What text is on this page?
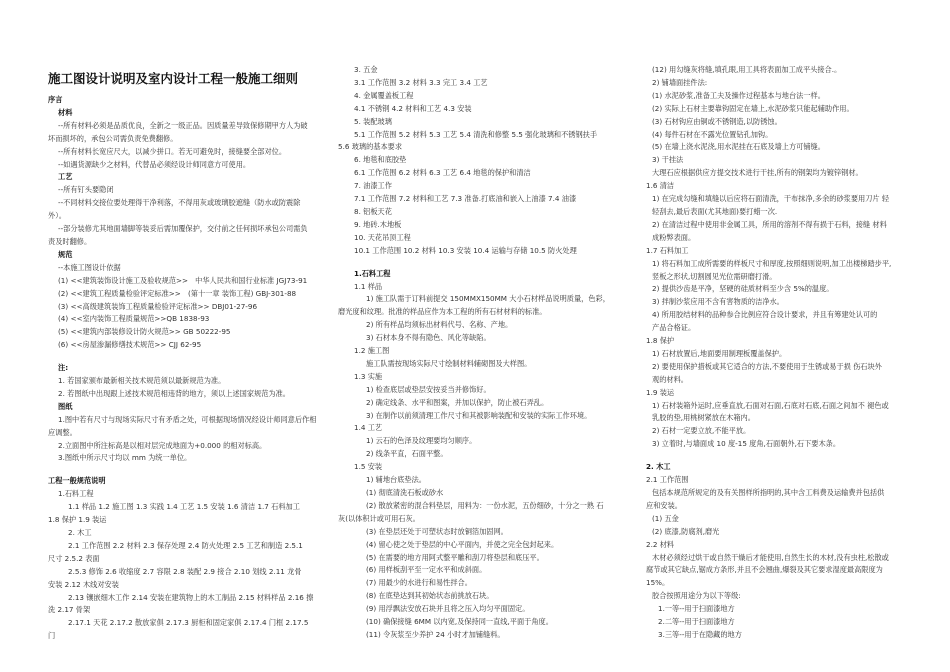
施工图设计说明及室内设计工程一般施工细则
序言
材料
--所有材料必须是品质优良，全新之一级正品。因质量差导致保修期甲方人为破
坏而损坏的，承包公司需负责免费翻修。
--所有材料长宽应尺大，以减少拼口。若无可避免时，接缝要全部对位。
--如遇货源缺少之材料，代替品必须经设计师同意方可使用。
工艺
--所有钉头要隐闭
--不同材料交接位要处理得干净利落，不得用灰或玻璃胶遮缝（防水或防震除
外）。
--部分装修尤其地面墙脚等装妥后需加覆保护，交付前之任何损坏承包公司需负
责及时翻修。
规范
--本施工图设计依据
(1) <<建筑装饰设计施工及验收规范>>　中华人民共和国行业标准 JGJ73-91
(2) <<建筑工程质量检验评定标准>>　(第十一章 装饰工程) GBJ-301-88
(3) <<高级建筑装饰工程质量检验评定标准>> DBJ01-27-96
(4) <<室内装饰工程质量规范>>QB 1838-93
(5) <<建筑内部装修设计防火规范>> GB 50222-95
(6) <<房屋渗漏修缮技术规范>> CJJ 62-95
注:
1. 若国家颁布最新相关技术规范须以最新规范为准。
2. 若图纸中出现跟上述技术规范相违背的地方，须以上述国家规范为准。
图纸
1.图中若有尺寸与现场实际尺寸有矛盾之处，可根据现场情况经设计师同意后作相
应调整。
2.立面图中所注标高是以相对层完成地面为+0.000 的相对标高。
3.图纸中所示尺寸均以 mm 为统一单位。
工程一般规范说明
1.石料工程
1.1 样品 1.2 施工图 1.3 实践 1.4 工艺 1.5 安装 1.6 清洁 1.7 石料加工
1.8 保护 1.9 装运
2. 木工
2.1 工作范围 2.2 材料 2.3 保存处理 2.4 防火处理 2.5 工艺和制造 2.5.1
尺寸 2.5.2 表面
2.5.3 修饰 2.6 收缩度 2.7 容限 2.8 装配 2.9 接合 2.10 划线 2.11 龙骨
安装 2.12 木线对安装
2.13 镶嵌细木工作 2.14 安装在建筑物上的木工制品 2.15 材料样品 2.16 擦
洗 2.17 骨架
2.17.1 天花 2.17.2 散放家俱 2.17.3 厨柜和固定家俱 2.17.4 门框 2.17.5
门
3. 五金
3.1 工作范围 3.2 材料 3.3 完工 3.4 工艺
4. 金属覆盖板工程
4.1 不锈钢 4.2 材料和工艺 4.3 安装
5. 装配玻璃
5.1 工作范围 5.2 材料 5.3 工艺 5.4 清洗和修整 5.5 强化玻璃和不锈钢扶手
5.6 玻璃的基本要求
6. 地毯和底胶垫
6.1 工作范围 6.2 材料 6.3 工艺 6.4 地毯的保护和清洁
7. 油漆工作
7.1 工作范围 7.2 材料和工艺 7.3 准备.打底油和嵌入上油漆 7.4 油漆
8. 铝板天花
9. 地砖.木地板
10. 天花吊顶工程
10.1 工作范围 10.2 材料 10.3 安装 10.4 运输与存储 10.5 防火处理
1.石料工程
1.1 样品
1) 施工队需于订料前提交 150MMX150MM 大小石材样品说明质量，色彩，
磨光度和纹理。批准的样品应作为本工程的所有石材材料的标准。
2) 所有样品均须标出材料代号、名称、产地。
3) 石材本身不得有隐色、风化等缺陷。
1.2 施工图
施工队需按现场实际尺寸绘制材料辅砌图及大样图。
1.3 实施
1) 检查底层或垫层安按妥当并修饰好。
2) 确定线条、水平和图案，并加以保护，防止被石弄乱。
3) 在制作以前须清理工作尺寸和其被影响装配和安装的实际工作环境。
1.4 工艺
1) 云石的色泽及纹理要均匀顺序。
2) 线条平直，石面平整。
1.5 安装
1) 辅地台底垫法。
(1) 彻底清洗石板或砂水
(2) 散放紧密的混合料垫层，用料为：一份水泥，五份细砂，十分之一熟 石
灰(以体积计或可用石灰。
(3) 在垫层还处于可塑状态时放铜箔加固网。
(4) 留心使之处于垫层的中心平面内，并使之完全包封起来。
(5) 在需要的地方用阿式整平雕和刮刀将垫层和底压平。
(6) 用样板刮平至一定水平和成斜面。
(7) 用最少的水进行和易性拌合。
(8) 在底垫达到其初始状态前挑放石块。
(9) 用浮飘法安放石块并且将之压入均匀平面固定。
(10) 确保接缝 6MM 以内宽,及保持同一直线,平面于角度。
(11) 令灰浆至少养护 24 小时才加铺缝料。
(12) 用勾缝灰将缝,填孔眼,用工具将表面加工成平头接合.。
2) 铺墙面挂件法:
(1) 水泥砂浆,准备工夫及操作过程基本与地台法一样。
(2) 实际上石材主要靠钩固定在墙上,水泥砂浆只能起辅助作用。
(3) 石材钩应由铜或不锈钢造,以防锈蚀。
(4) 每件石材在不露光位置钻孔加钩。
(5) 在墙上浇水泥浇,用水泥挂在石底及墙上方可铺缝。
3) 干挂法
大理石应根据供应方提交技术进行干挂,所有的钢架均为镀锌钢材。
1.6 清洁
1) 在完成勾缝和填缝以后应将石面清洗，干布抹净,多余的砂浆要用刀片 轻
轻刮去,最后表面(尤其地面)要打蜡一次.
2) 在清洁过程中使用非金属工具，所用的溶剂不得有损于石料，接缝 材料
成粉弊表面。
1.7 石料加工
1) 将石料加工成所需要的样板尺寸和厚度,按照细则说明,加工出楼梯踏步平,
竖板之形状,切割圆见光位需研磨打滑。
2) 提供沙齿是平净，坚硬的硅质材料至少含 5%的温度。
3) 拌制沙浆应用不含有害物质的洁净水。
4) 所用胶结材料的品种参合比例应符合设计要求，并且有筹建处认可的
产品合格证。
1.8 保护
1) 石材放置后,地面要用制理板覆盖保护。
2) 要使用保护措板或其它适合的方法,不要使用于生锈或易于损 伤石块外
观的材料。
1.9 装运
1) 石材装箱外运时,应垂直放,石面对石面,石底对石底,石面之间加不 褪色或
乳胶的垫,用桃树紧放在木箱内。
2) 石材一定要立放,不能平放。
3) 立着时,与墙面成 10 度-15 度角,石面朝外,石下要木条。
2. 木工
2.1 工作范围
包括本规范所规定的及有关图样所指明的,其中含工料费及运输费并包括供
应和安装。
(1) 五金
(2) 底漆,防腐剂,磨光
2.2 材料
木材必须经过烘干或自然干燥后才能使用,自然生长的木材,没有虫柱,松散或
腐节或其它缺点,锯成方条形,并且不会翘曲,爆裂及其它要求湿度最高限度为
15%。
胶合按照用途分为以下等级:
1.一等--用于扫面漆地方
2.二等--用于扫面漆地方
3.三等--用于在隐藏的地方
